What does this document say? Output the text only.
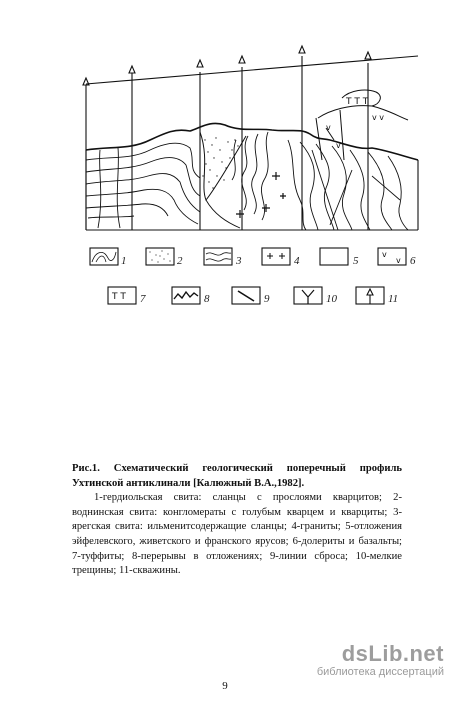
T T T
v v
v
v
1	2	3	4	5
v
v 6
T T 7	8	9	10	11
Рис.1. Схематический геологический поперечный профиль Ухтинской антиклинали [Калюжный В.А.,1982].
1-гердиольская свита: сланцы с прослоями кварцитов; 2-воднинская свита: конгломераты с голубым кварцем и кварциты; 3- ярегская свита: ильменитсодержащие сланцы; 4-граниты; 5-отложения эйфелевского, живетского и франского ярусов; 6-долериты и базальты; 7-туффиты; 8-перерывы в отложениях; 9-линии сброса; 10-мелкие трещины; 11-скважины.
9
dsLib.net
библиотека диссертаций
